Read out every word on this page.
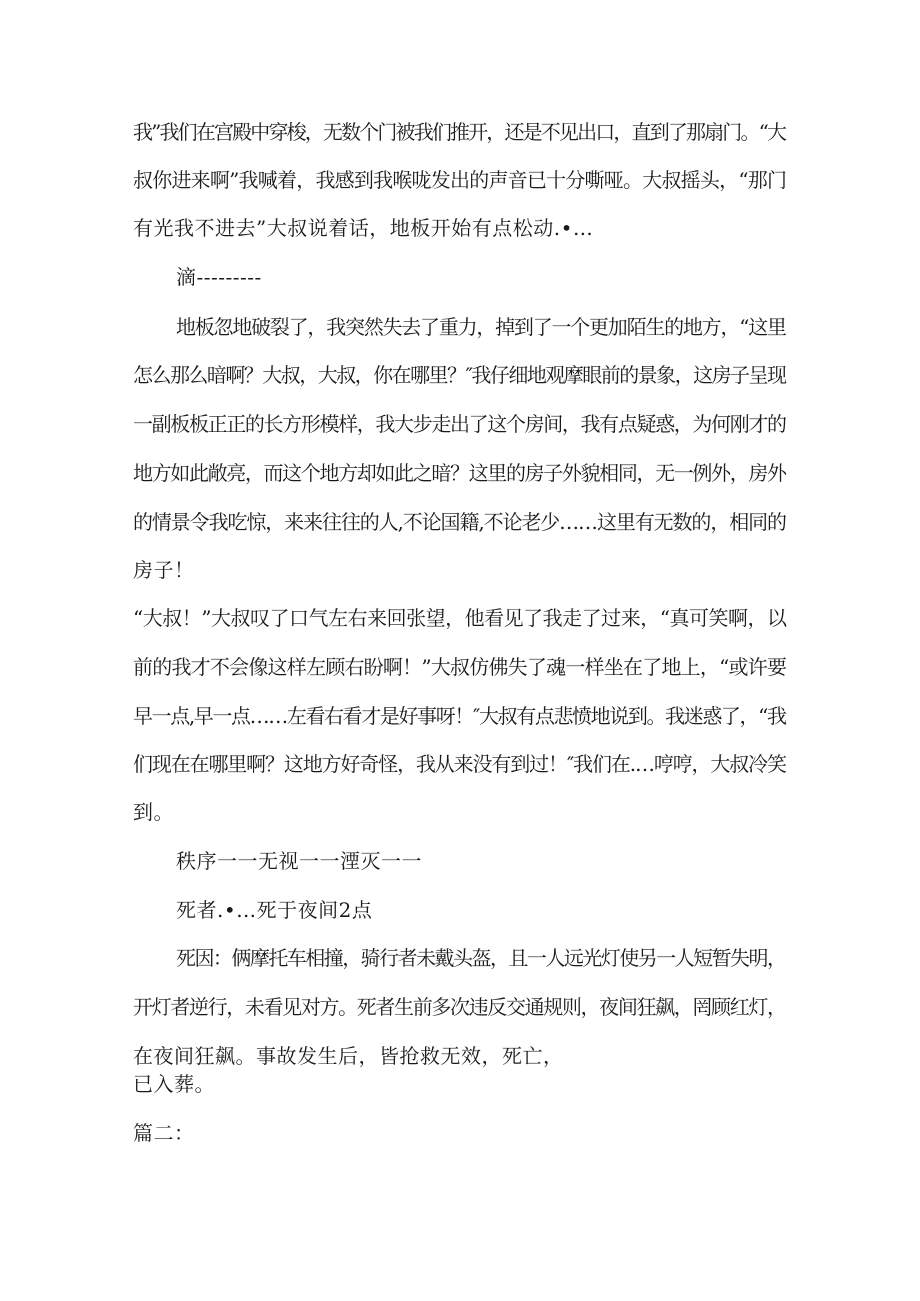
我”我们在宫殿中穿梭，无数个门被我们推开，还是不见出口，直到了那扇门。“大
叔你进来啊”我喊着，我感到我喉咙发出的声音已十分嘶哑。大叔摇头，“那门
有光我不进去”大叔说着话，地板开始有点松动.•…
滴---------
地板忽地破裂了，我突然失去了重力，掉到了一个更加陌生的地方，“这里
怎么那么暗啊？大叔，大叔，你在哪里？″我仔细地观摩眼前的景象，这房子呈现
一副板板正正的长方形模样，我大步走出了这个房间，我有点疑惑，为何刚才的
地方如此敞亮，而这个地方却如此之暗？这里的房子外貌相同，无一例外，房外
的情景令我吃惊，来来往往的人,不论国籍,不论老少……这里有无数的，相同的
房子！
“大叔！”大叔叹了口气左右来回张望，他看见了我走了过来，“真可笑啊，以
前的我才不会像这样左顾右盼啊！”大叔仿佛失了魂一样坐在了地上，“或许要
早一点,早一点……左看右看才是好事呀！″大叔有点悲愤地说到。我迷惑了，“我
们现在在哪里啊？这地方好奇怪，我从来没有到过！″我们在.…哼哼，大叔冷笑
到。
秩序一一无视一一湮灭一一
死者.•…死于夜间2点
死因：俩摩托车相撞，骑行者未戴头盔，且一人远光灯使另一人短暂失明，
开灯者逆行，未看见对方。死者生前多次违反交通规则，夜间狂飙，罔顾红灯，
在夜间狂飙。事故发生后，皆抢救无效，死亡，
已入葬。
篇二：
